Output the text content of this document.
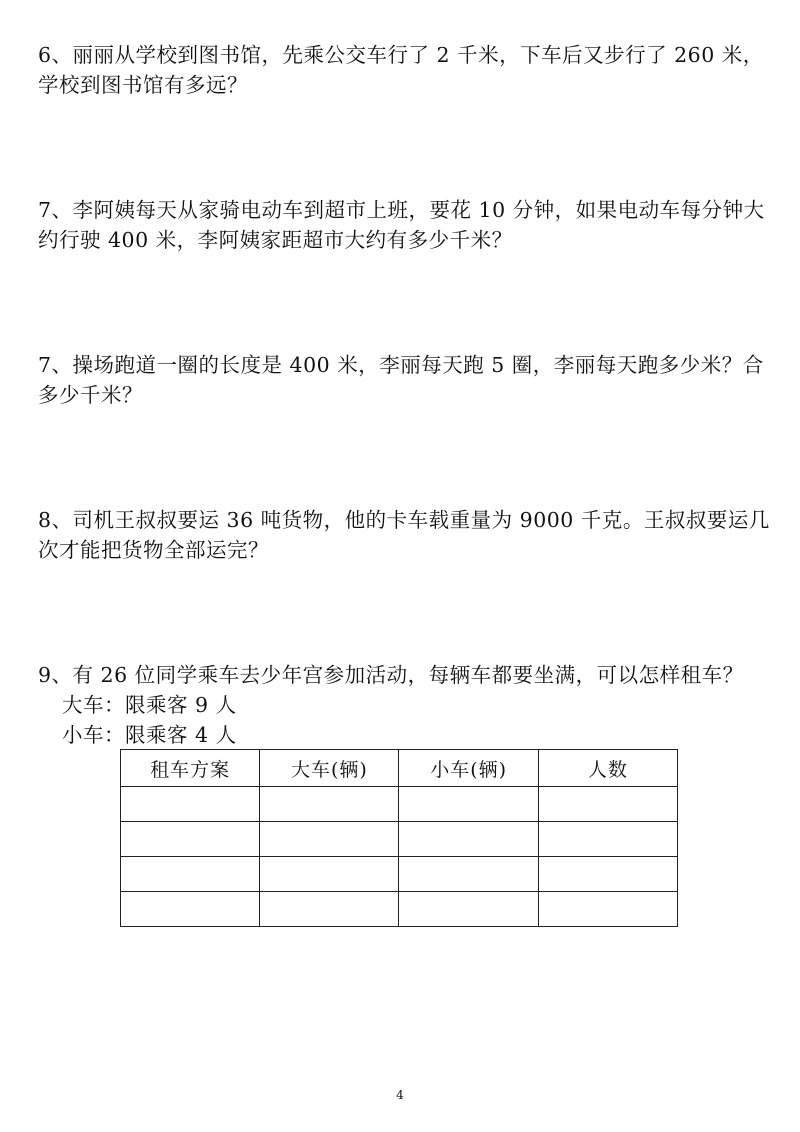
6、丽丽从学校到图书馆，先乘公交车行了 2 千米，下车后又步行了 260 米，
学校到图书馆有多远？
7、李阿姨每天从家骑电动车到超市上班，要花 10 分钟，如果电动车每分钟大
约行驶 400 米，李阿姨家距超市大约有多少千米？
7、操场跑道一圈的长度是 400 米，李丽每天跑 5 圈，李丽每天跑多少米？合
多少千米？
8、司机王叔叔要运 36 吨货物，他的卡车载重量为 9000 千克。王叔叔要运几
次才能把货物全部运完？
9、有 26 位同学乘车去少年宫参加活动，每辆车都要坐满，可以怎样租车？
大车：限乘客 9 人
小车：限乘客 4 人
租车方案	大车(辆)	小车(辆)	人数

4
